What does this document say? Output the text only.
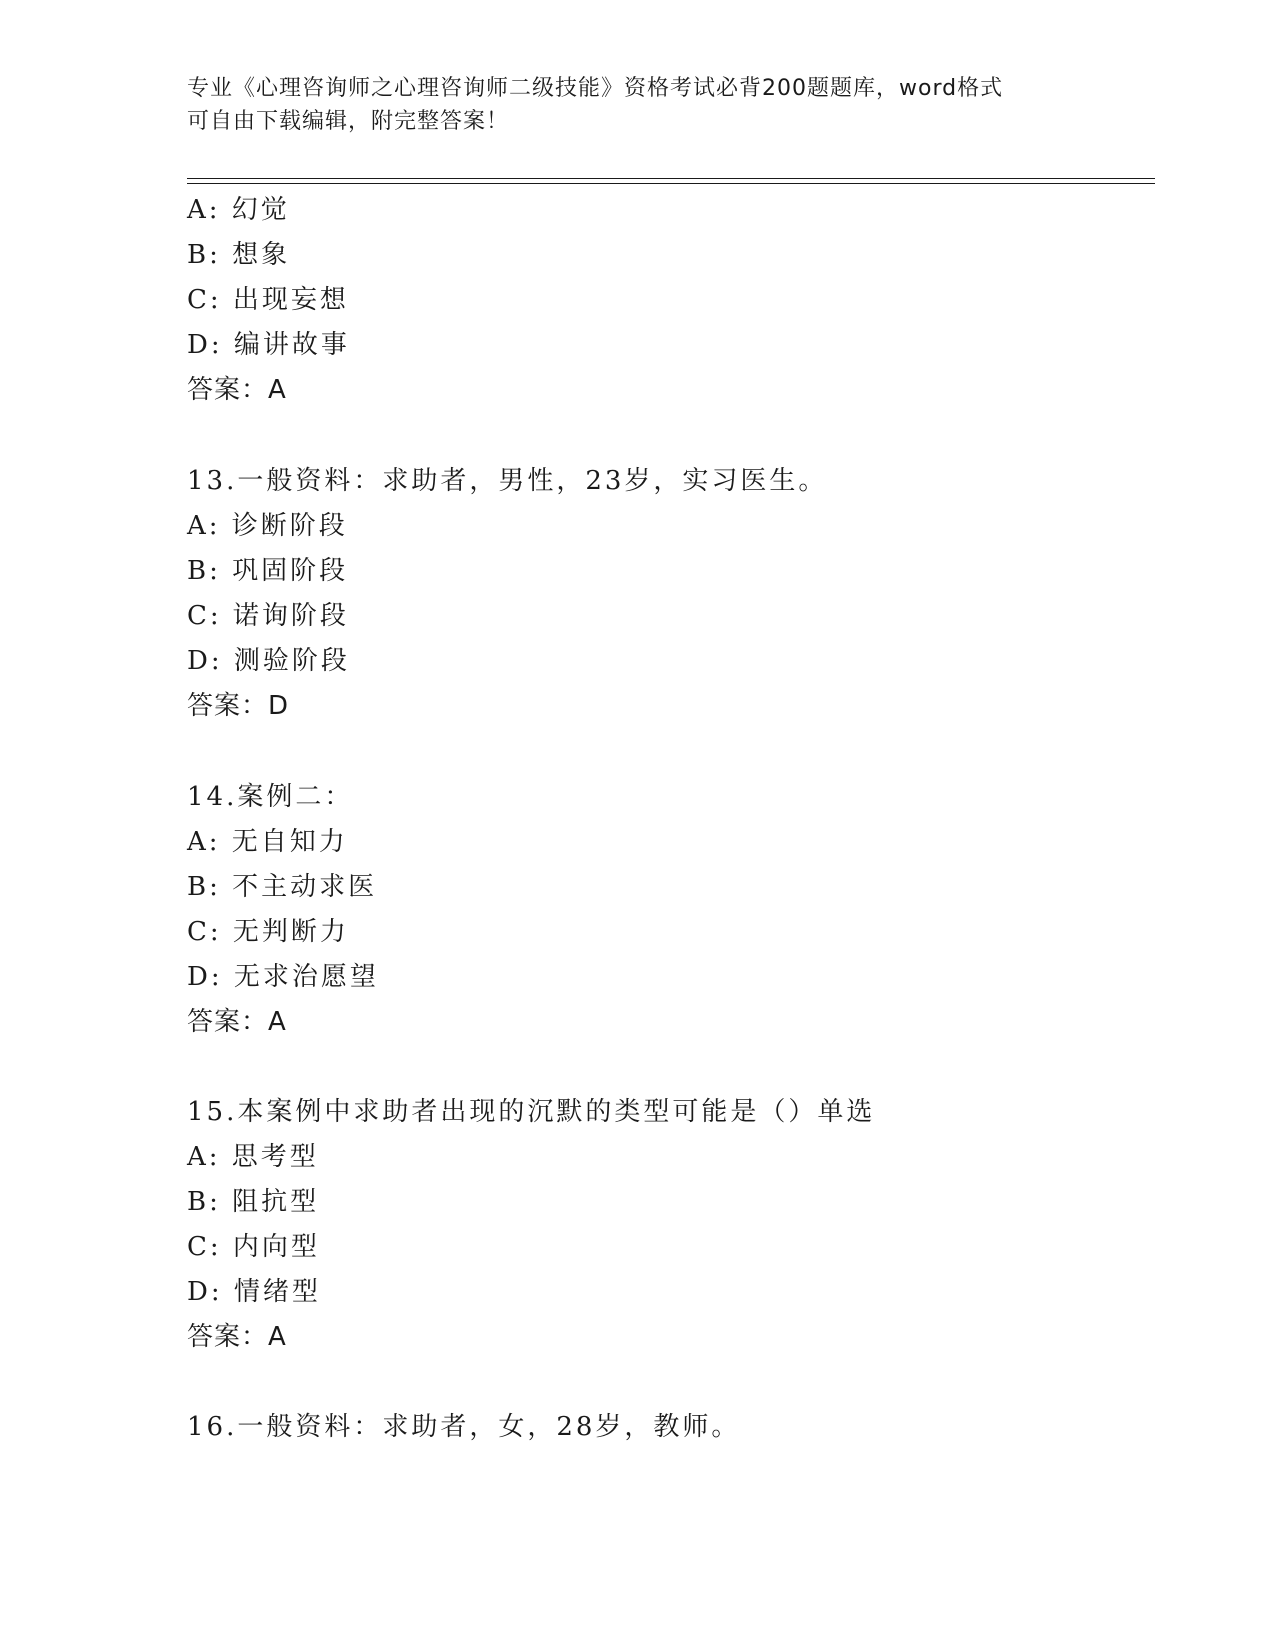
专业《心理咨询师之心理咨询师二级技能》资格考试必背200题题库，word格式
可自由下载编辑，附完整答案！
A: 幻觉
B: 想象
C: 出现妄想
D: 编讲故事
答案：A
13.一般资料：求助者，男性，23岁，实习医生。
A: 诊断阶段
B: 巩固阶段
C: 诺询阶段
D: 测验阶段
答案：D
14.案例二：
A: 无自知力
B: 不主动求医
C: 无判断力
D: 无求治愿望
答案：A
15.本案例中求助者出现的沉默的类型可能是（）单选
A: 思考型
B: 阻抗型
C: 内向型
D: 情绪型
答案：A
16.一般资料：求助者，女，28岁，教师。
